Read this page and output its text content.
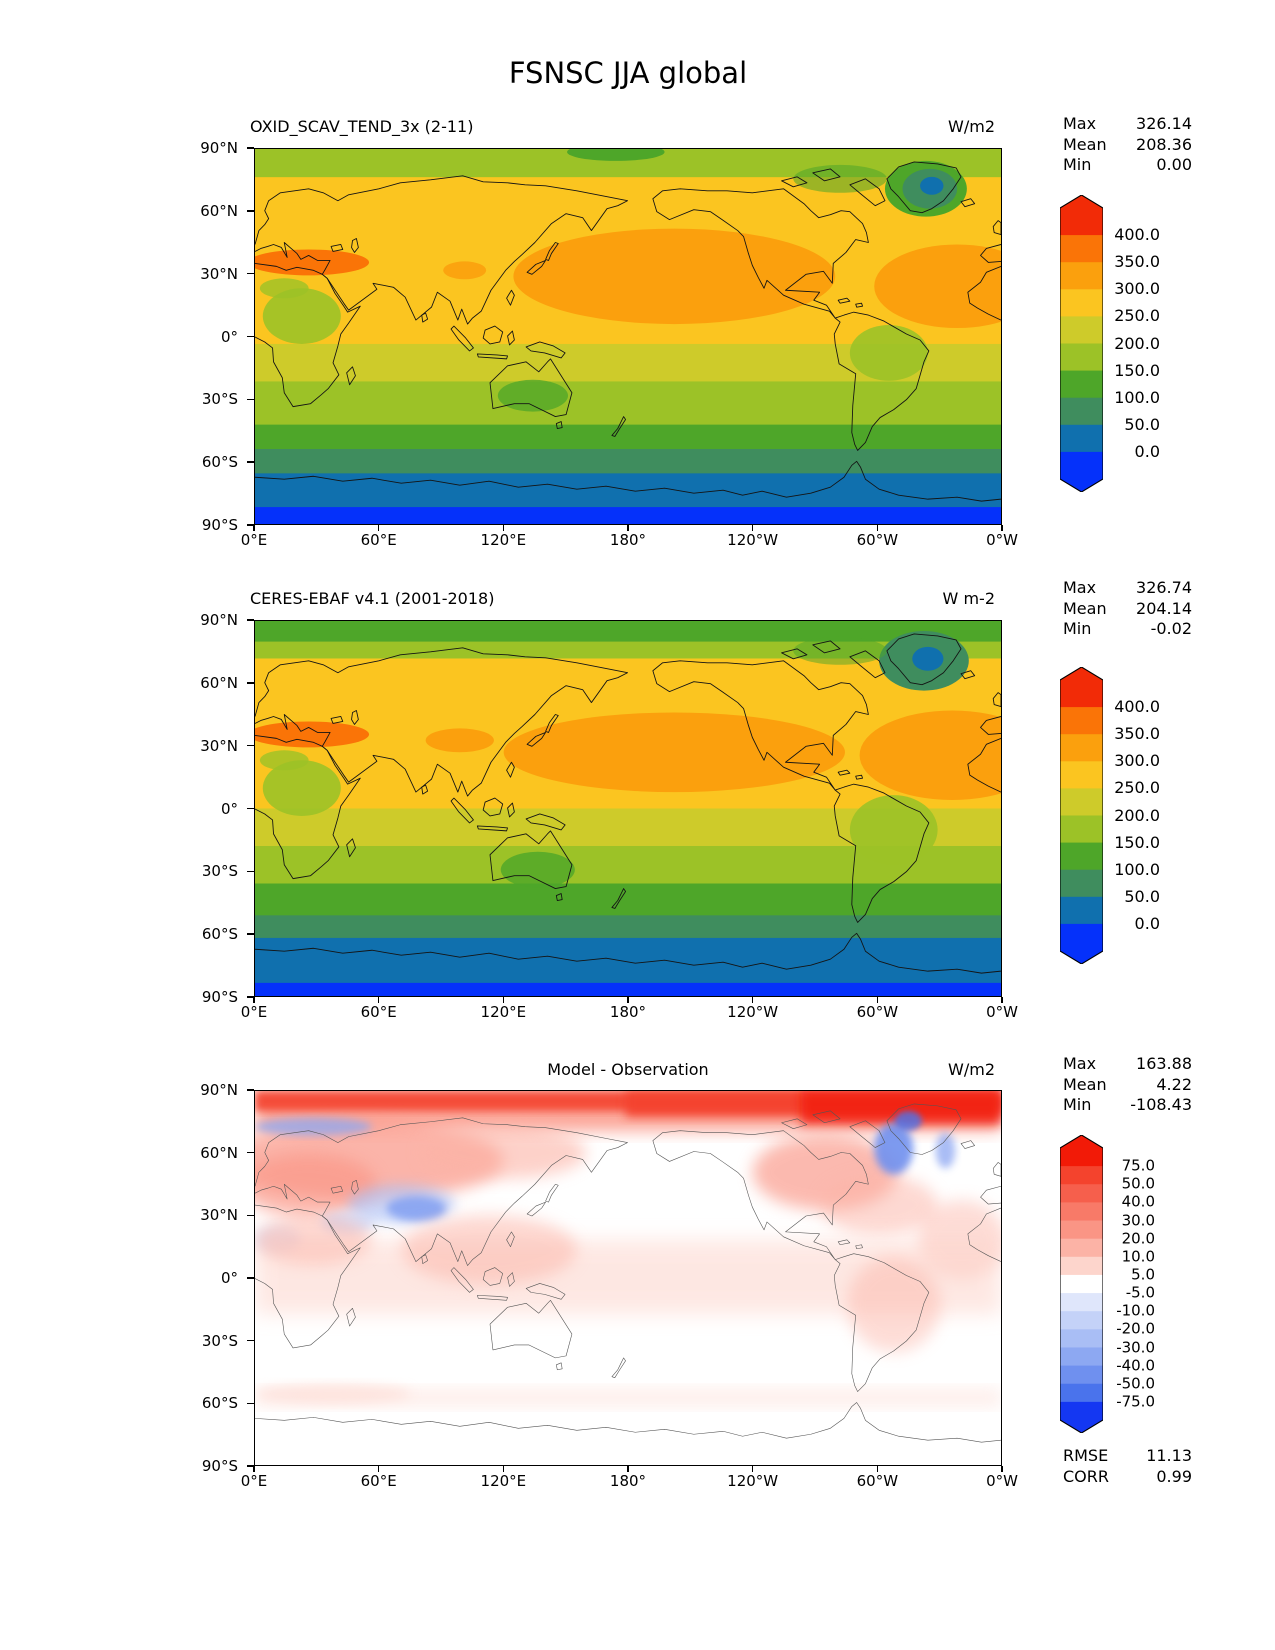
FSNSC JJA global
OXID_SCAV_TEND_3x (2-11)	W/m2	Max 326.14
Mean 208.36
Min	0.00
90°N
60°N
30°N
0°
30°S
60°S
90°S
0°E	60°E	120°E	180°	120°W	60°W	0°W
400.0
350.0
300.0
250.0
200.0
150.0
100.0
50.0
0.0
CERES-EBAF v4.1 (2001-2018)	W m-2
Max 326.74
Mean 204.14
Min	-0.02
90°N
60°N
30°N
0°
30°S
60°S
90°S
0°E	60°E	120°E	180°	120°W	60°W	0°W
400.0
350.0
300.0
250.0
200.0
150.0
100.0
50.0
0.0
Model - Observation	W/m2	Max 163.88
Mean	4.22
Min -108.43
90°N
60°N
30°N
0°
30°S
60°S
90°S
0°E	60°E	120°E	180°	120°W	60°W	0°W
75.0
50.0
40.0
30.0
20.0
10.0
5.0
-5.0
-10.0
-20.0
-30.0
-40.0
-50.0
-75.0
RMSE 11.13
CORR	0.99
